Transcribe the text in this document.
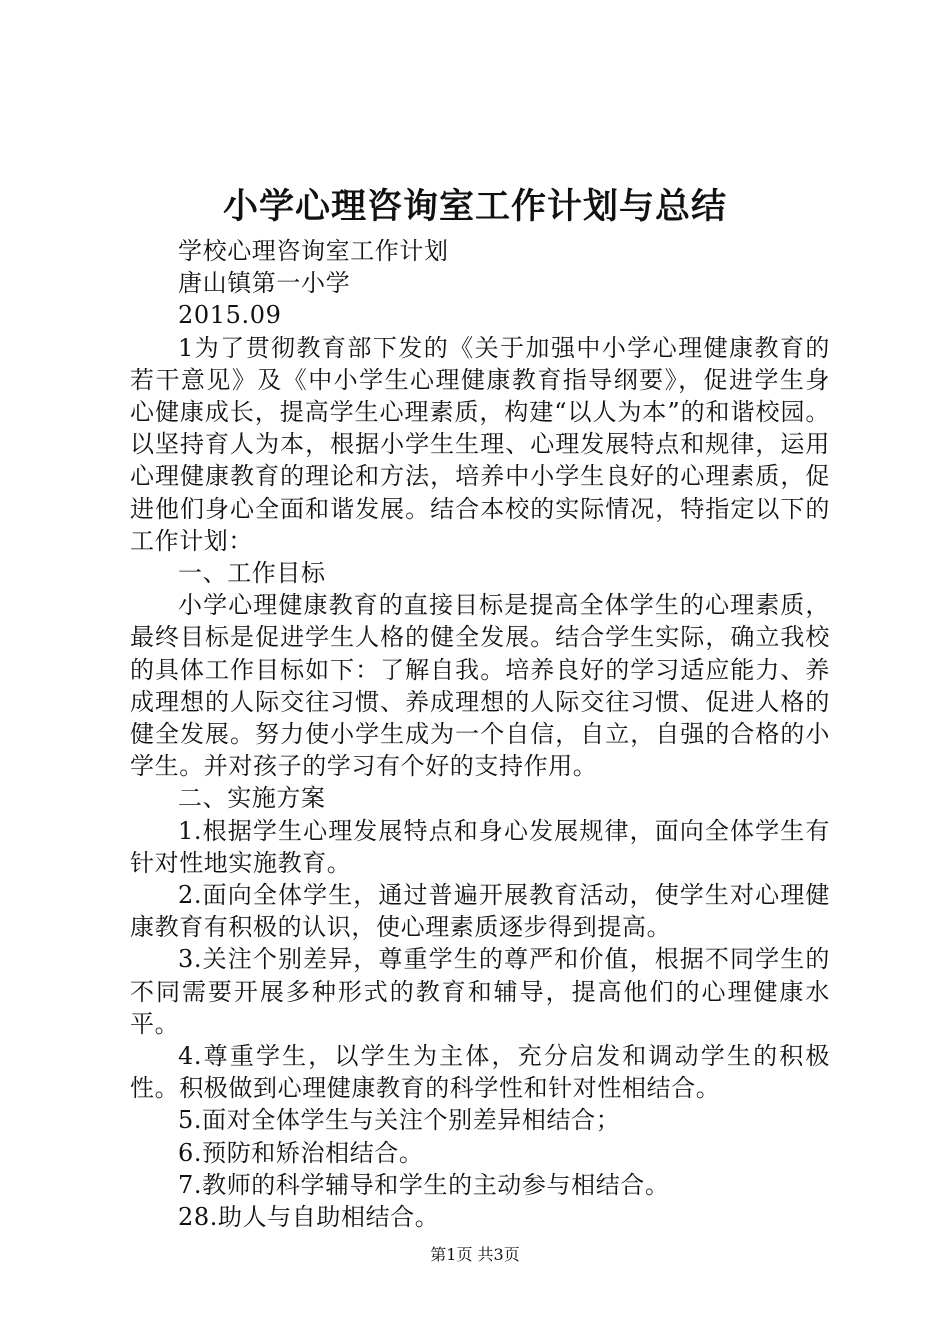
小学心理咨询室工作计划与总结

学校心理咨询室工作计划

唐山镇第一小学

2015.09

1为了贯彻教育部下发的《关于加强中小学心理健康教育的若干意见》及《中小学生心理健康教育指导纲要》，促进学生身心健康成长，提高学生心理素质，构建“以人为本”的和谐校园。以坚持育人为本，根据小学生生理、心理发展特点和规律，运用心理健康教育的理论和方法，培养中小学生良好的心理素质，促进他们身心全面和谐发展。结合本校的实际情况，特指定以下的工作计划：

一、工作目标

小学心理健康教育的直接目标是提高全体学生的心理素质，最终目标是促进学生人格的健全发展。结合学生实际，确立我校的具体工作目标如下：了解自我。培养良好的学习适应能力、养成理想的人际交往习惯、养成理想的人际交往习惯、促进人格的健全发展。努力使小学生成为一个自信，自立，自强的合格的小学生。并对孩子的学习有个好的支持作用。

二、实施方案

1.根据学生心理发展特点和身心发展规律，面向全体学生有针对性地实施教育。

2.面向全体学生，通过普遍开展教育活动，使学生对心理健康教育有积极的认识，使心理素质逐步得到提高。

3.关注个别差异，尊重学生的尊严和价值，根据不同学生的不同需要开展多种形式的教育和辅导，提高他们的心理健康水平。

4.尊重学生，以学生为主体，充分启发和调动学生的积极性。积极做到心理健康教育的科学性和针对性相结合。

5.面对全体学生与关注个别差异相结合；

6.预防和矫治相结合。

7.教师的科学辅导和学生的主动参与相结合。

28.助人与自助相结合。

第1页 共3页
